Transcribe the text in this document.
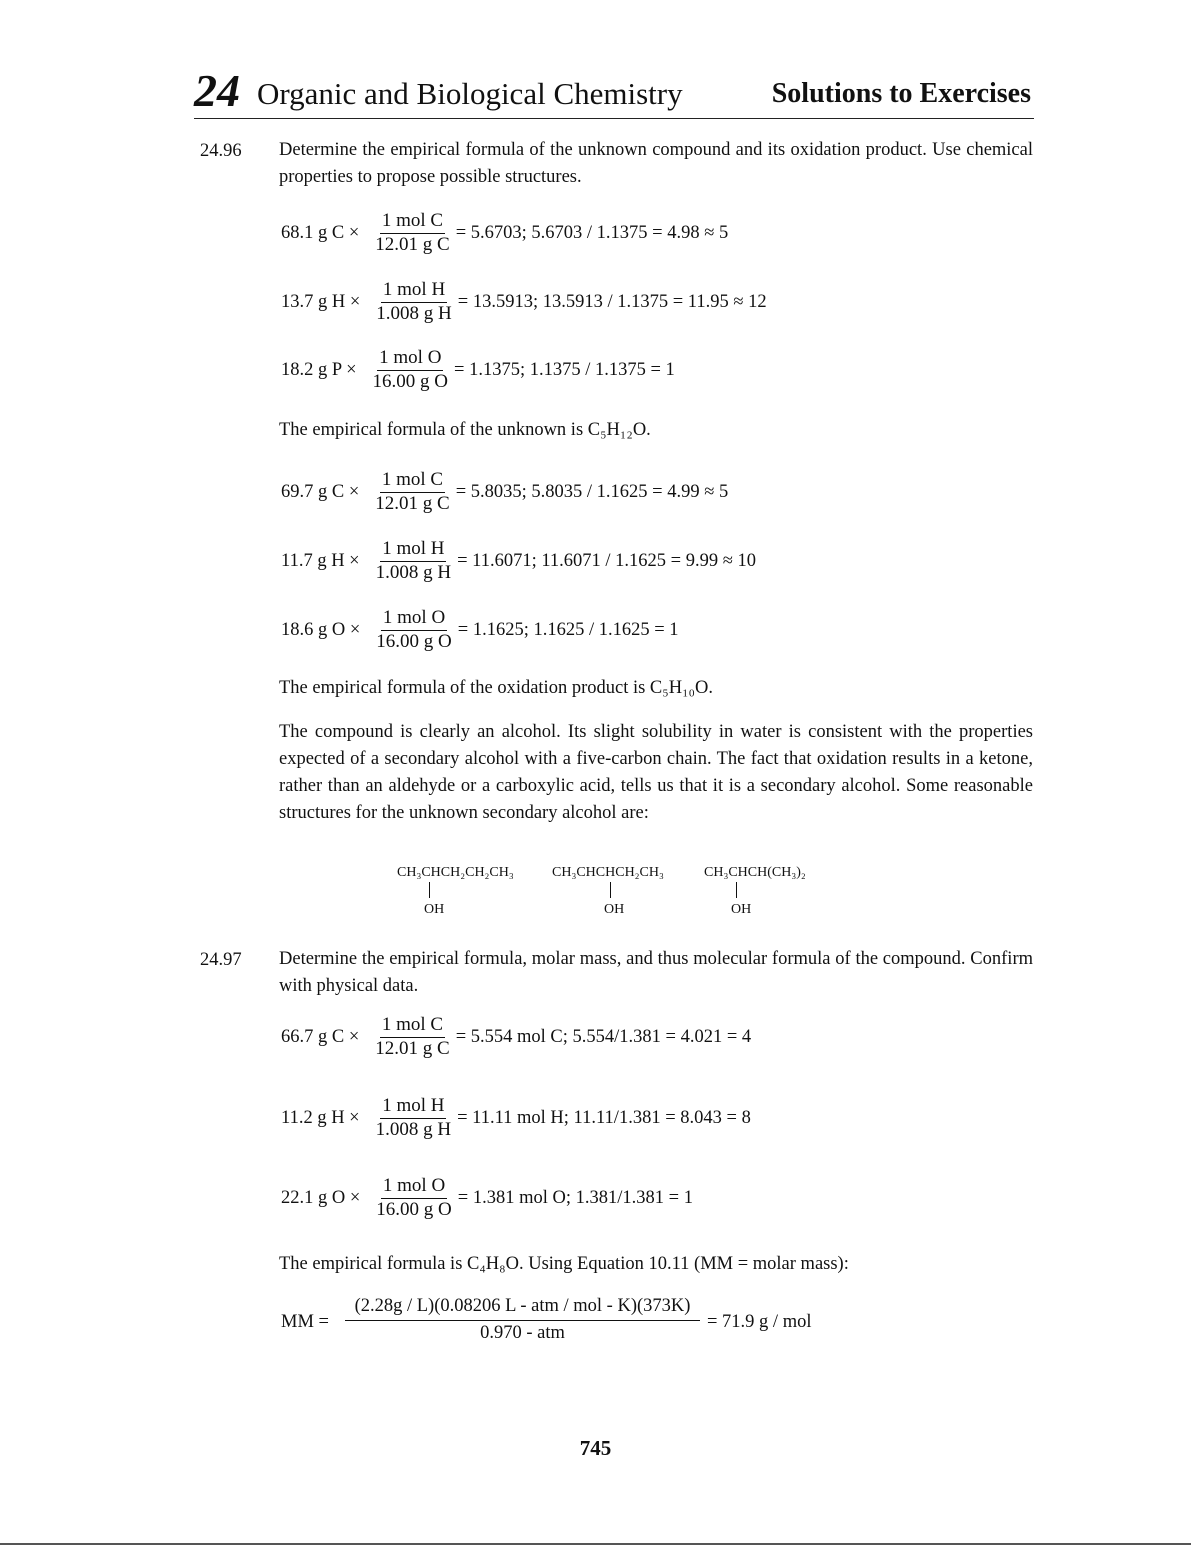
24 Organic and Biological Chemistry	Solutions to Exercises
24.96 Determine the empirical formula of the unknown compound and its oxidation product. Use chemical properties to propose possible structures.
68.1 g $C \times \frac{\text{1 mol C}}{\text{12.01 g C}} = 5.6703$; 5.6703 / 1.1375 = 4.98 ≈ 5
13.7 g $H \times \frac{\text{1 mol H}}{\text{1.008 g H}} = 13.5913$; 13.5913 / 1.1375 = 11.95 ≈ 12
18.2 g $P \times \frac{\text{1 mol O}}{\text{16.00 g O}} = 1.1375$; 1.1375 / 1.1375 = 1
The empirical formula of the unknown is C₅H₁₂O.
69.7 g $C \times \frac{\text{1 mol C}}{\text{12.01 g C}} = 5.8035$; 5.8035 / 1.1625 = 4.99 ≈ 5
11.7 g $H \times \frac{\text{1 mol H}}{\text{1.008 g H}} = 11.6071$; 11.6071 / 1.1625 = 9.99 ≈ 10
18.6 g $O \times \frac{\text{1 mol O}}{\text{16.00 g O}} = 1.1625$; 1.1625 / 1.1625 = 1
The empirical formula of the oxidation product is C₅H₁₀O.
The compound is clearly an alcohol. Its slight solubility in water is consistent with the properties expected of a secondary alcohol with a five-carbon chain. The fact that oxidation results in a ketone, rather than an aldehyde or a carboxylic acid, tells us that it is a secondary alcohol. Some reasonable structures for the unknown secondary alcohol are:
CH₃CHCH₂CH₂CH₃
OH
CH₃CHCHCH₂CH₃
OH
CH₃CHCH(CH₃)₂
OH
24.97 Determine the empirical formula, molar mass, and thus molecular formula of the compound. Confirm with physical data.
66.7 g $C \times \frac{\text{1 mol C}}{\text{12.01 g C}} = 5.554$ mol C; 5.554/1.381 = 4.021 = 4
11.2 g $H \times \frac{\text{1 mol H}}{\text{1.008 g H}} = 11.11$ mol H; 11.11/1.381 = 8.043 = 8
22.1 g $O \times \frac{\text{1 mol O}}{\text{16.00 g O}} = 1.381$ mol O; 1.381/1.381 = 1
The empirical formula is C₄H₈O. Using Equation 10.11 (MM = molar mass):
MM =
(2.28g / L)(0.08206 L - atm / mol - K)(373K)
0.970 - atm
= 71.9 g / mol
745
